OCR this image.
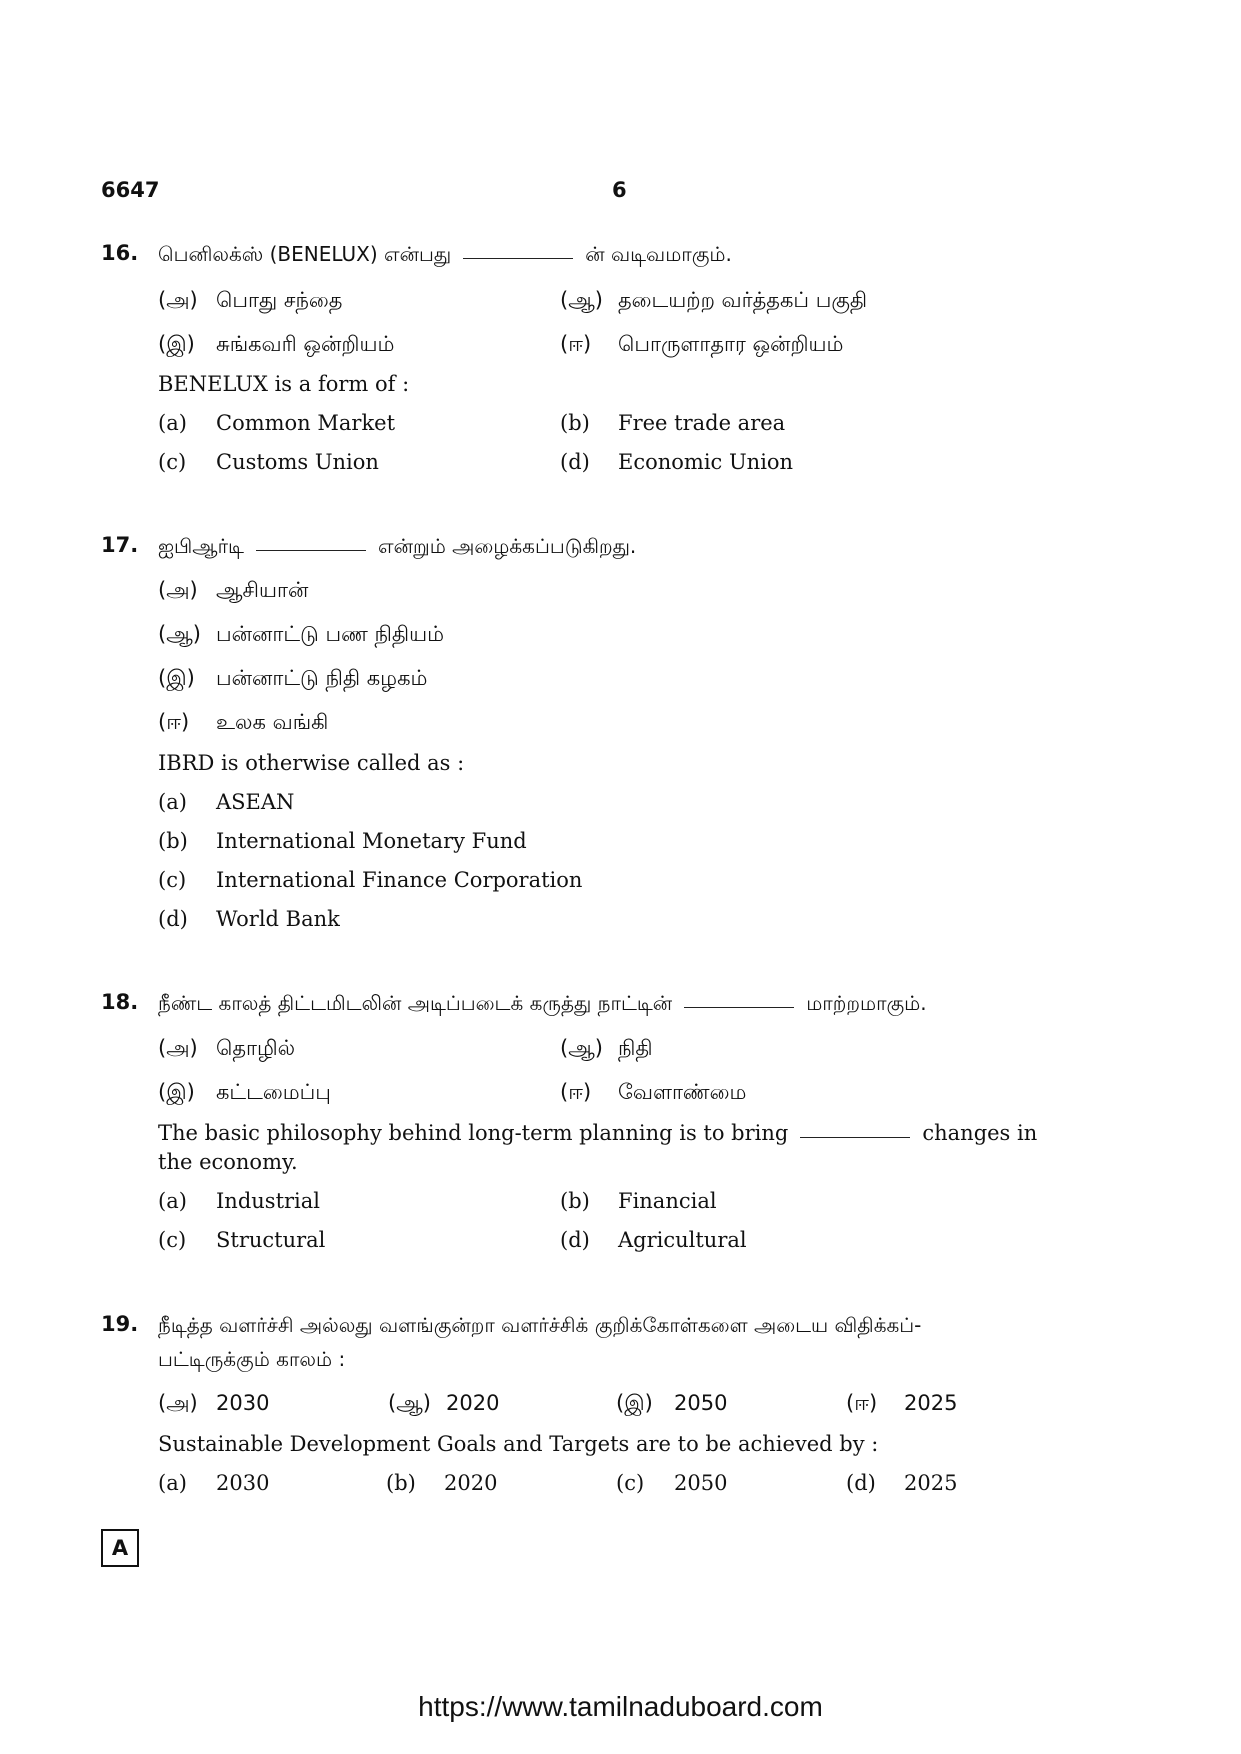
6647	6
16. பெனிலக்ஸ் (BENELUX) என்பது	ன் வடிவமாகும்.
(அ) பொது சந்தை	(ஆ) தடையற்ற வர்த்தகப் பகுதி
(இ) சுங்கவரி ஒன்றியம்	(ஈ) பொருளாதார ஒன்றியம்
BENELUX is a form of :
(a) Common Market	(b) Free trade area
(c) Customs Union	(d) Economic Union
17. ஐபிஆர்டி	என்றும் அழைக்கப்படுகிறது.
(அ) ஆசியான்
(ஆ) பன்னாட்டு பண நிதியம்
(இ) பன்னாட்டு நிதி கழகம்
(ஈ) உலக வங்கி
IBRD is otherwise called as :
(a) ASEAN
(b) International Monetary Fund
(c) International Finance Corporation
(d) World Bank
18. நீண்ட காலத் திட்டமிடலின் அடிப்படைக் கருத்து நாட்டின்	மாற்றமாகும்.
(அ) தொழில்	(ஆ) நிதி
(இ) கட்டமைப்பு	(ஈ) வேளாண்மை
The basic philosophy behind long-term planning is to bring	changes in
the economy.
(a) Industrial	(b) Financial
(c) Structural	(d) Agricultural
19. நீடித்த வளர்ச்சி அல்லது வளங்குன்றா வளர்ச்சிக் குறிக்கோள்களை அடைய விதிக்கப்-
பட்டிருக்கும் காலம் :
(அ) 2030	(ஆ) 2020	(இ) 2050	(ஈ) 2025
Sustainable Development Goals and Targets are to be achieved by :
(a) 2030	(b) 2020	(c) 2050	(d) 2025
A
https://www.tamilnaduboard.com
